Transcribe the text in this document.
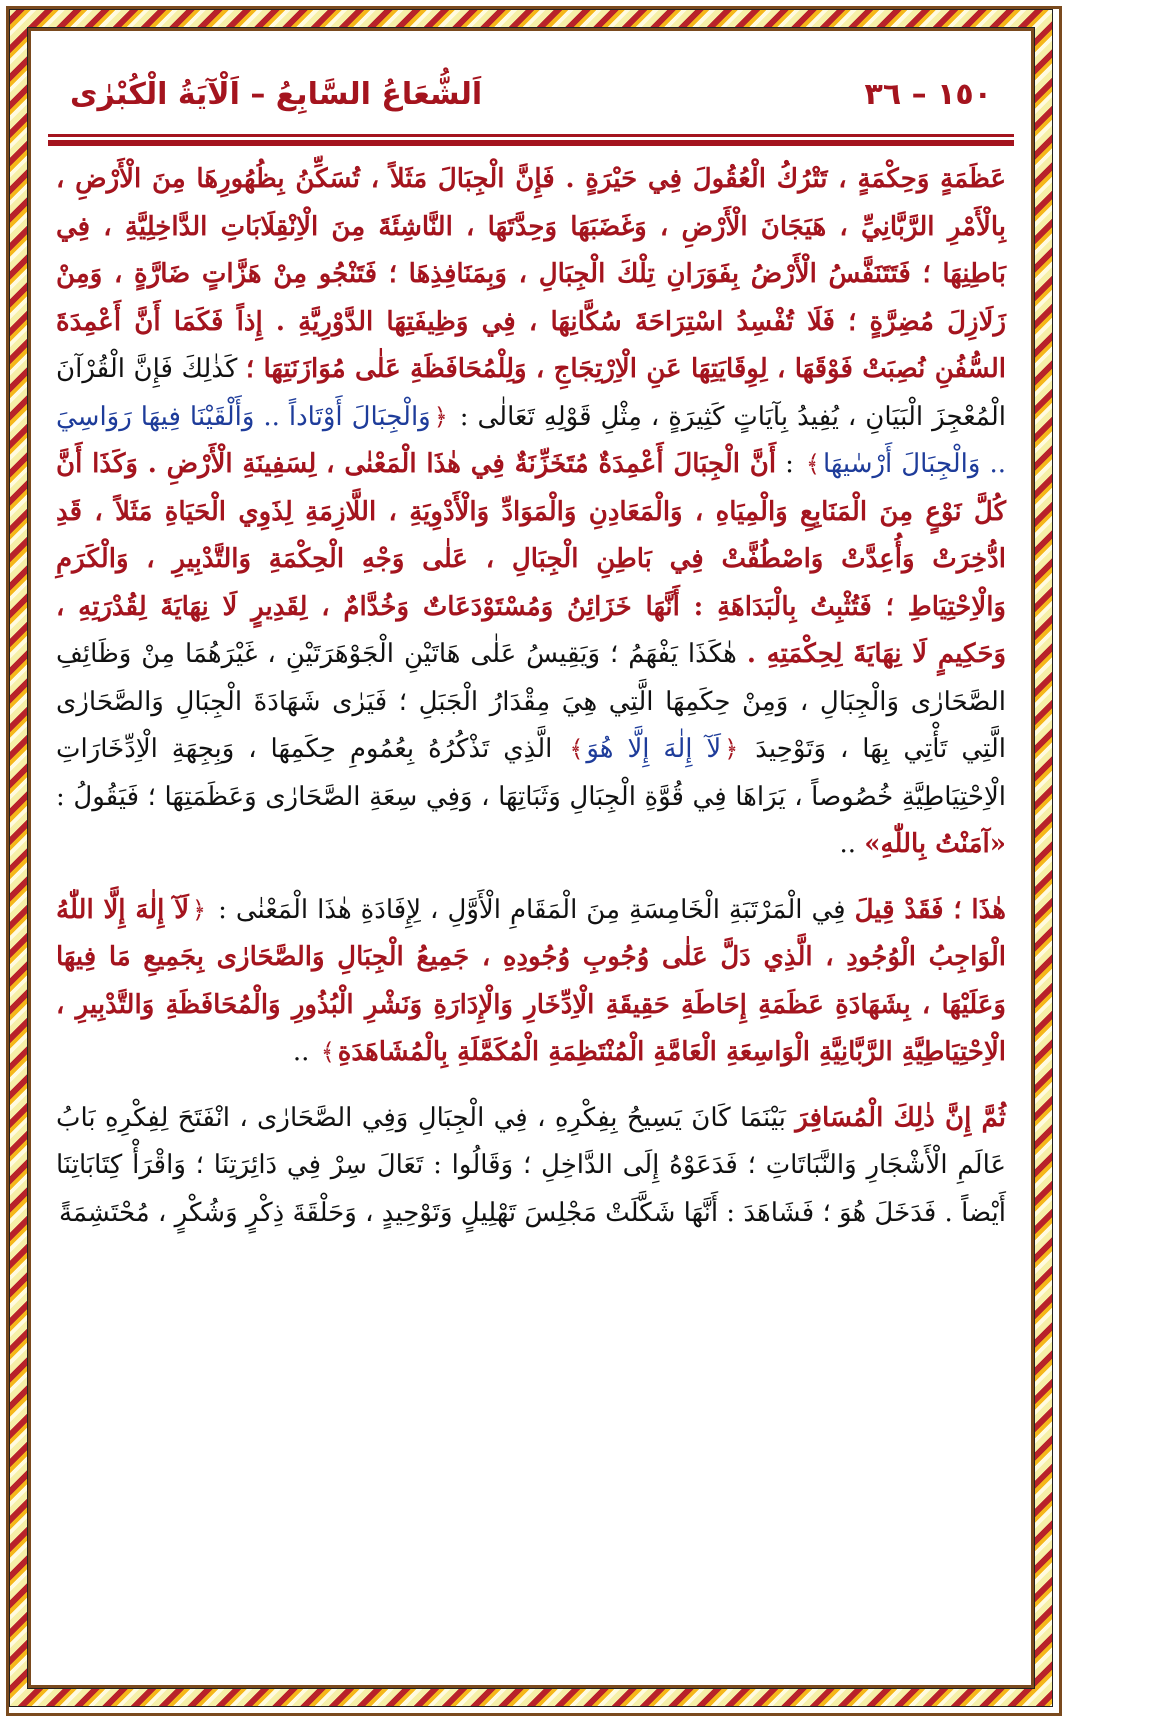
١٥٠ – ٣٦
اَلشُّعَاعُ السَّابِعُ – اَلْآيَةُ الْكُبْرٰى

عَظَمَةٍ وَحِكْمَةٍ ، تَتْرُكُ الْعُقُولَ فِي حَيْرَةٍ . فَإِنَّ الْجِبَالَ مَثَلاً ، تُسَكِّنُ بِظُهُورِهَا مِنَ الْأَرْضِ ، بِالْأَمْرِ الرَّبَّانِيِّ ، هَيَجَانَ الْأَرْضِ ، وَغَضَبَهَا وَحِدَّتَهَا ، النَّاشِئَةَ مِنَ الْاِنْقِلَابَاتِ الدَّاخِلِيَّةِ ، فِي بَاطِنِهَا ؛ فَتَتَنَفَّسُ الْأَرْضُ بِفَوَرَانِ تِلْكَ الْجِبَالِ ، وَبِمَنَافِذِهَا ؛ فَتَنْجُو مِنْ هَزَّاتٍ ضَارَّةٍ ، وَمِنْ زَلَازِلَ مُضِرَّةٍ ؛ فَلَا تُفْسِدُ اسْتِرَاحَةَ سُكَّانِهَا ، فِي وَظِيفَتِهَا الدَّوْرِيَّةِ . إِذاً فَكَمَا أَنَّ أَعْمِدَةَ السُّفُنِ نُصِبَتْ فَوْقَهَا ، لِوِقَايَتِهَا عَنِ الْاِرْتِجَاجِ ، وَلِلْمُحَافَظَةِ عَلٰى مُوَازَنَتِهَا ؛ كَذٰلِكَ فَإِنَّ الْقُرْآنَ الْمُعْجِزَ الْبَيَانِ ، يُفِيدُ بِآيَاتٍ كَثِيرَةٍ ، مِثْلِ قَوْلِهِ تَعَالٰى : ﴿وَالْجِبَالَ أَوْتَاداً .. وَأَلْقَيْنَا فِيهَا رَوَاسِيَ .. وَالْجِبَالَ أَرْسٰيهَا﴾ : أَنَّ الْجِبَالَ أَعْمِدَةٌ مُتَخَزِّنَةٌ فِي هٰذَا الْمَعْنٰى ، لِسَفِينَةِ الْأَرْضِ . وَكَذَا أَنَّ كُلَّ نَوْعٍ مِنَ الْمَنَابِعِ وَالْمِيَاهِ ، وَالْمَعَادِنِ وَالْمَوَادِّ وَالْأَدْوِيَةِ ، اللَّازِمَةِ لِذَوِي الْحَيَاةِ مَثَلاً ، قَدِ ادُّخِرَتْ وَأُعِدَّتْ وَاصْطُفَّتْ فِي بَاطِنِ الْجِبَالِ ، عَلٰى وَجْهِ الْحِكْمَةِ وَالتَّدْبِيرِ ، وَالْكَرَمِ وَالْاِحْتِيَاطِ ؛ فَتُثْبِتُ بِالْبَدَاهَةِ : أَنَّهَا خَزَائِنُ وَمُسْتَوْدَعَاتٌ وَخُدَّامٌ ، لِقَدِيرٍ لَا نِهَايَةَ لِقُدْرَتِهِ ، وَحَكِيمٍ لَا نِهَايَةَ لِحِكْمَتِهِ . هٰكَذَا يَفْهَمُ ؛ وَيَقِيسُ عَلٰى هَاتَيْنِ الْجَوْهَرَتَيْنِ ، غَيْرَهُمَا مِنْ وَظَائِفِ الصَّحَارٰى وَالْجِبَالِ ، وَمِنْ حِكَمِهَا الَّتِي هِيَ مِقْدَارُ الْجَبَلِ ؛ فَيَرٰى شَهَادَةَ الْجِبَالِ وَالصَّحَارٰى الَّتِي تَأْتِي بِهَا ، وَتَوْحِيدَ ﴿لَآ إِلٰهَ إِلَّا هُوَ﴾ الَّذِي تَذْكُرُهُ بِعُمُومِ حِكَمِهَا ، وَبِجِهَةِ الْاِدِّخَارَاتِ الْاِحْتِيَاطِيَّةِ خُصُوصاً ، يَرَاهَا فِي قُوَّةِ الْجِبَالِ وَثَبَاتِهَا ، وَفِي سِعَةِ الصَّحَارٰى وَعَظَمَتِهَا ؛ فَيَقُولُ : «آمَنْتُ بِاللّٰهِ» ..

هٰذَا ؛ فَقَدْ قِيلَ فِي الْمَرْتَبَةِ الْخَامِسَةِ مِنَ الْمَقَامِ الْأَوَّلِ ، لِإِفَادَةِ هٰذَا الْمَعْنٰى : ﴿لَآ إِلٰهَ إِلَّا اللّٰهُ الْوَاجِبُ الْوُجُودِ ، الَّذِي دَلَّ عَلٰى وُجُوبِ وُجُودِهِ ، جَمِيعُ الْجِبَالِ وَالصَّحَارٰى بِجَمِيعِ مَا فِيهَا وَعَلَيْهَا ، بِشَهَادَةِ عَظَمَةِ إِحَاطَةِ حَقِيقَةِ الْاِدِّخَارِ وَالْإِدَارَةِ وَنَشْرِ الْبُذُورِ وَالْمُحَافَظَةِ وَالتَّدْبِيرِ ، الْاِحْتِيَاطِيَّةِ الرَّبَّانِيَّةِ الْوَاسِعَةِ الْعَامَّةِ الْمُنْتَظِمَةِ الْمُكَمَّلَةِ بِالْمُشَاهَدَةِ﴾ ..

ثُمَّ إِنَّ ذٰلِكَ الْمُسَافِرَ بَيْنَمَا كَانَ يَسِيحُ بِفِكْرِهِ ، فِي الْجِبَالِ وَفِي الصَّحَارٰى ، انْفَتَحَ لِفِكْرِهِ بَابُ عَالَمِ الْأَشْجَارِ وَالنَّبَاتَاتِ ؛ فَدَعَوْهُ إِلَى الدَّاخِلِ ؛ وَقَالُوا : تَعَالَ سِرْ فِي دَائِرَتِنَا ؛ وَاقْرَأْ كِتَابَاتِنَا أَيْضاً . فَدَخَلَ هُوَ ؛ فَشَاهَدَ : أَنَّهَا شَكَّلَتْ مَجْلِسَ تَهْلِيلٍ وَتَوْحِيدٍ ، وَحَلْقَةَ ذِكْرٍ وَشُكْرٍ ، مُحْتَشِمَةً
